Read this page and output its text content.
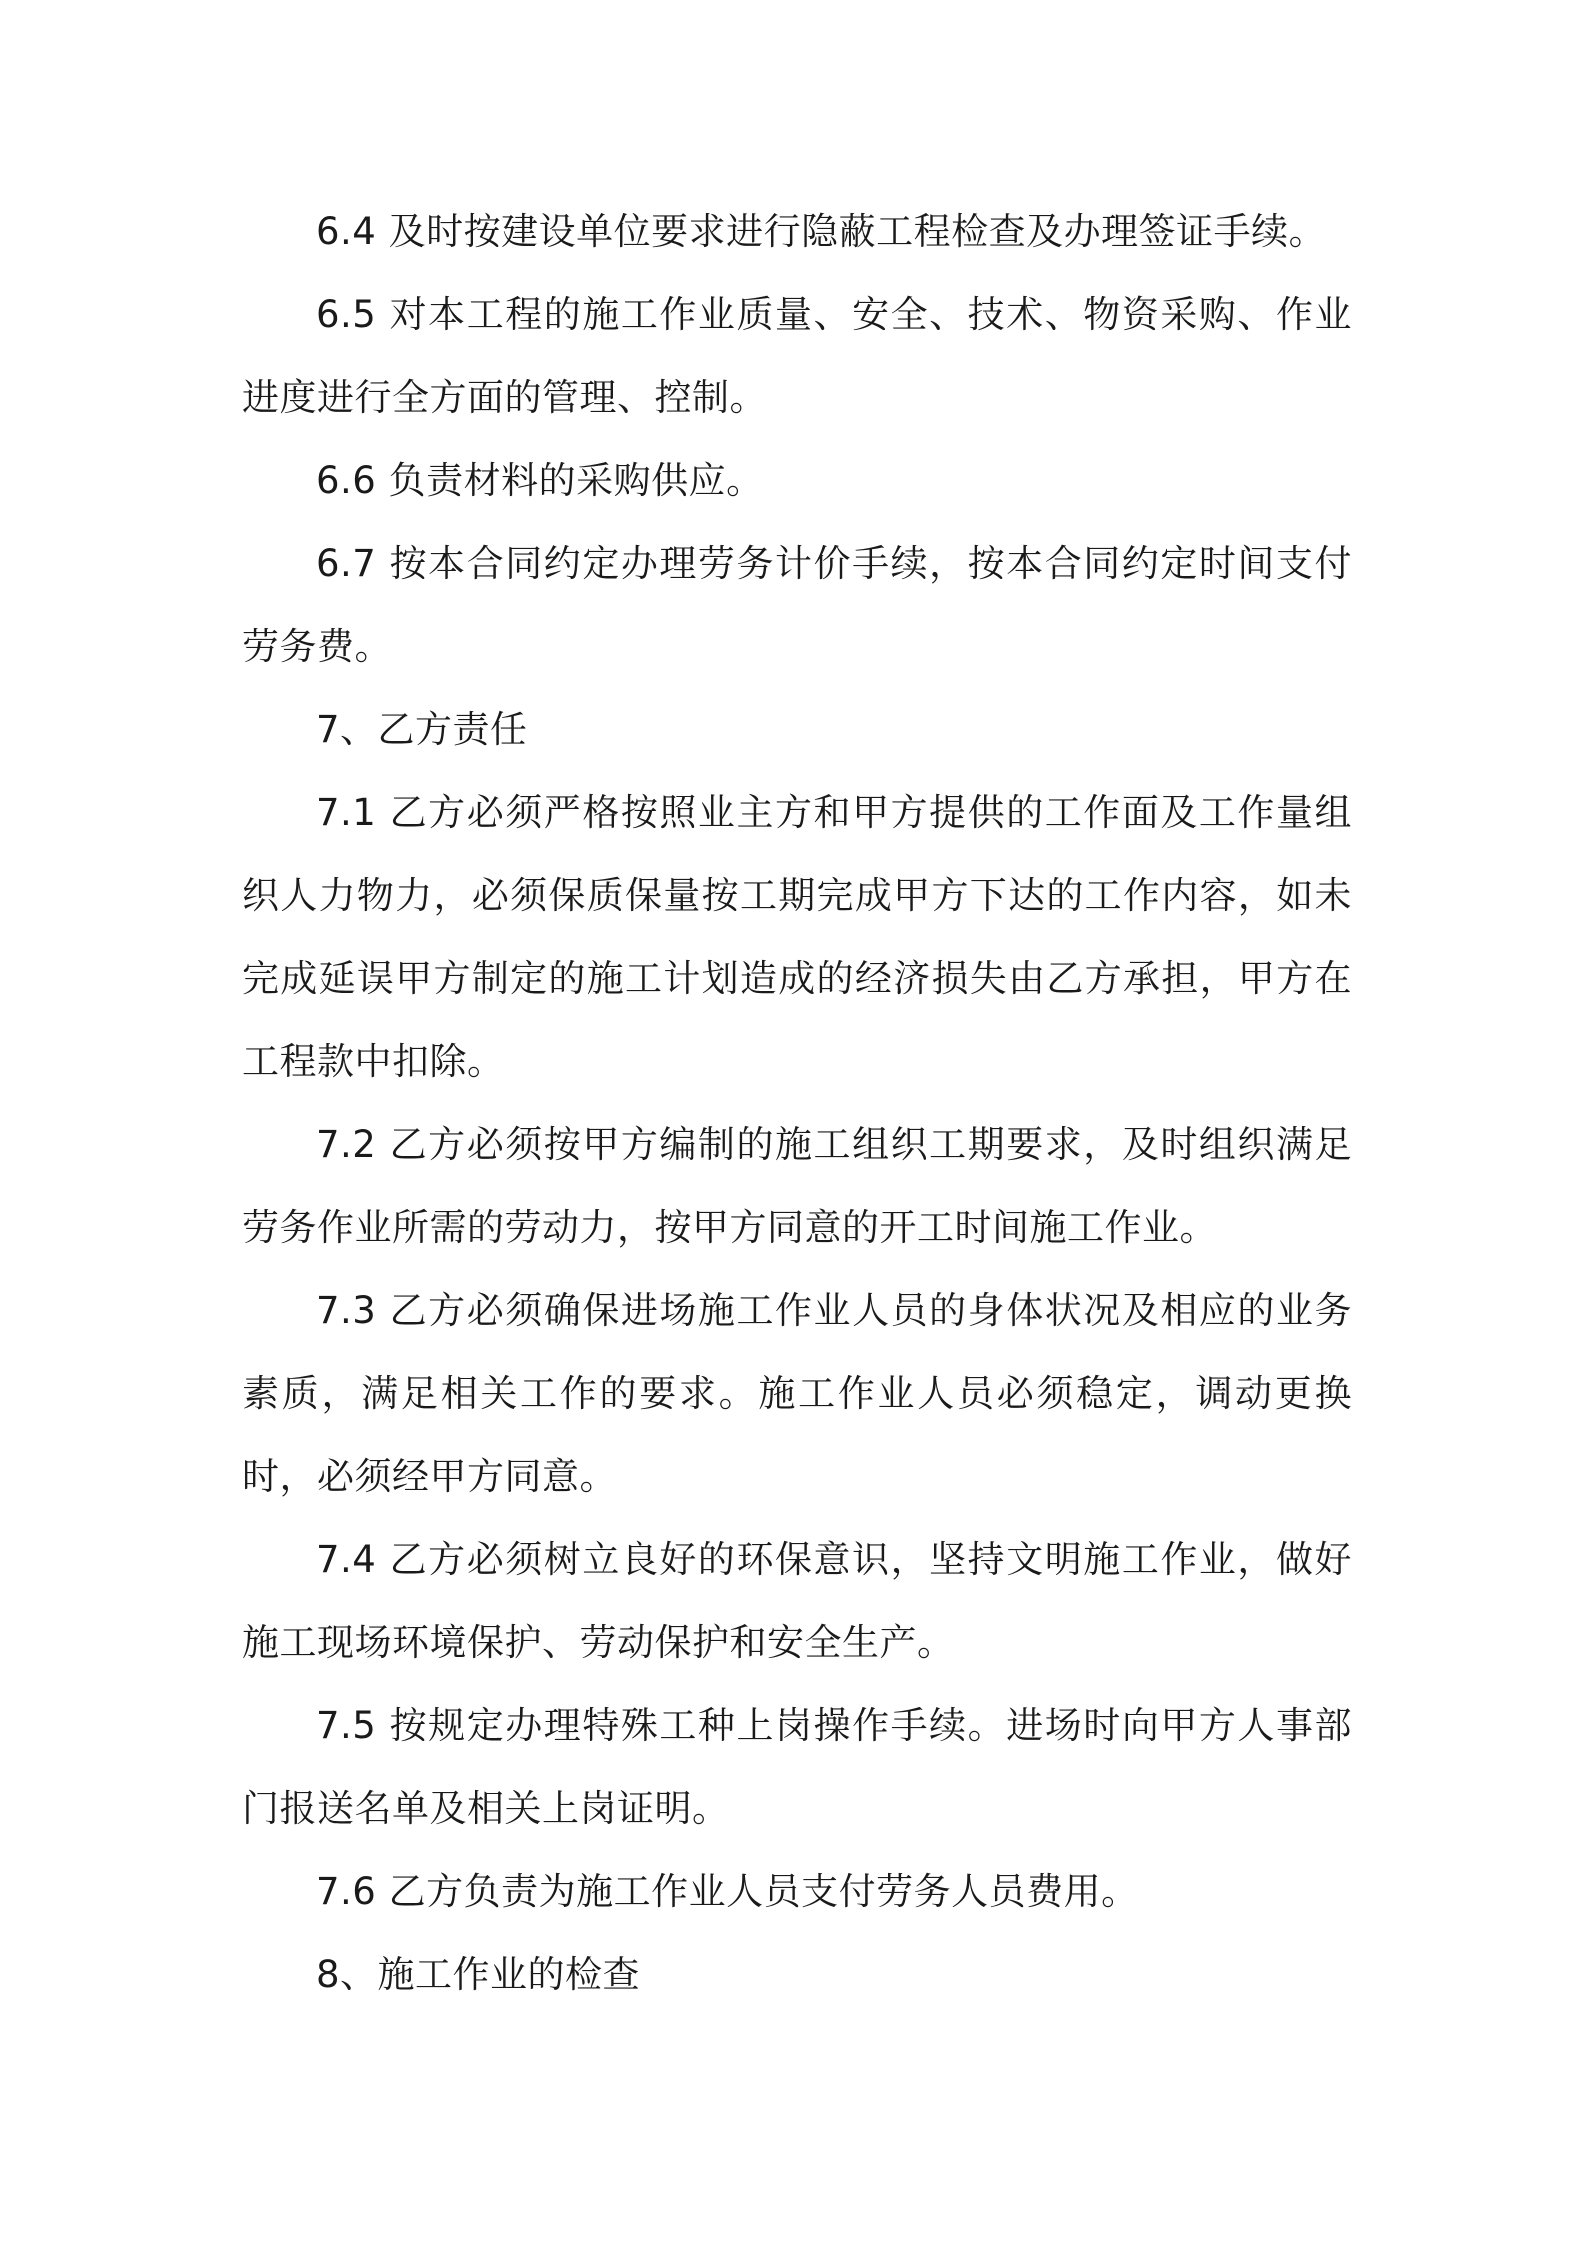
6.4 及时按建设单位要求进行隐蔽工程检查及办理签证手续。

6.5 对本工程的施工作业质量、安全、技术、物资采购、作业进度进行全方面的管理、控制。

6.6 负责材料的采购供应。

6.7 按本合同约定办理劳务计价手续，按本合同约定时间支付劳务费。

7、乙方责任

7.1 乙方必须严格按照业主方和甲方提供的工作面及工作量组织人力物力，必须保质保量按工期完成甲方下达的工作内容，如未完成延误甲方制定的施工计划造成的经济损失由乙方承担，甲方在工程款中扣除。

7.2 乙方必须按甲方编制的施工组织工期要求，及时组织满足劳务作业所需的劳动力，按甲方同意的开工时间施工作业。

7.3 乙方必须确保进场施工作业人员的身体状况及相应的业务素质，满足相关工作的要求。施工作业人员必须稳定，调动更换时，必须经甲方同意。

7.4 乙方必须树立良好的环保意识，坚持文明施工作业，做好施工现场环境保护、劳动保护和安全生产。

7.5 按规定办理特殊工种上岗操作手续。进场时向甲方人事部门报送名单及相关上岗证明。

7.6 乙方负责为施工作业人员支付劳务人员费用。

8、施工作业的检查
